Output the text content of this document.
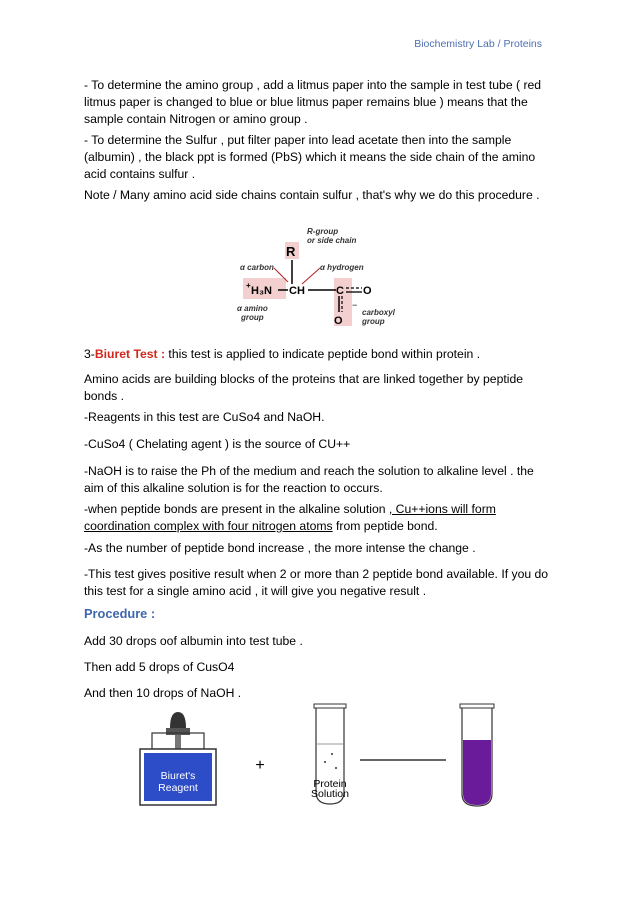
Biochemistry Lab / Proteins

- To determine the amino group , add a litmus paper into the sample in test tube ( red litmus paper is changed to blue or blue litmus paper remains blue ) means that the sample contain Nitrogen or amino group .

- To determine the Sulfur , put filter paper into lead acetate then into the sample (albumin) , the black ppt is formed (PbS) which it means the side chain of the amino acid contains sulfur .

Note / Many amino acid side chains contain sulfur , that's why we do this procedure .

R-group
or side chain
R
α carbon	α hydrogen
+ H₃N CH	C O
O
−
α amino
group
carboxyl
group

3-Biuret Test : this test is applied to indicate peptide bond within protein .

Amino acids are building blocks of the proteins that are linked together by peptide bonds .

-Reagents in this test are CuSo4 and NaOH.

-CuSo4 ( Chelating agent ) is the source of CU++

-NaOH is to raise the Ph of the medium and reach the solution to alkaline level . the aim of this alkaline solution is for the reaction to occurs.

-when peptide bonds are present in the alkaline solution , Cu++ions will form coordination complex with four nitrogen atoms from peptide bond.

-As the number of peptide bond increase , the more intense the change .

-This test gives positive result when 2 or more than 2 peptide bond available. If you do this test for a single amino acid , it will give you negative result .

Procedure :

Add 30 drops oof albumin into test tube .

Then add 5 drops of CusO4

And then 10 drops of NaOH .

Biuret's
Reagent
+
Protein
Solution
